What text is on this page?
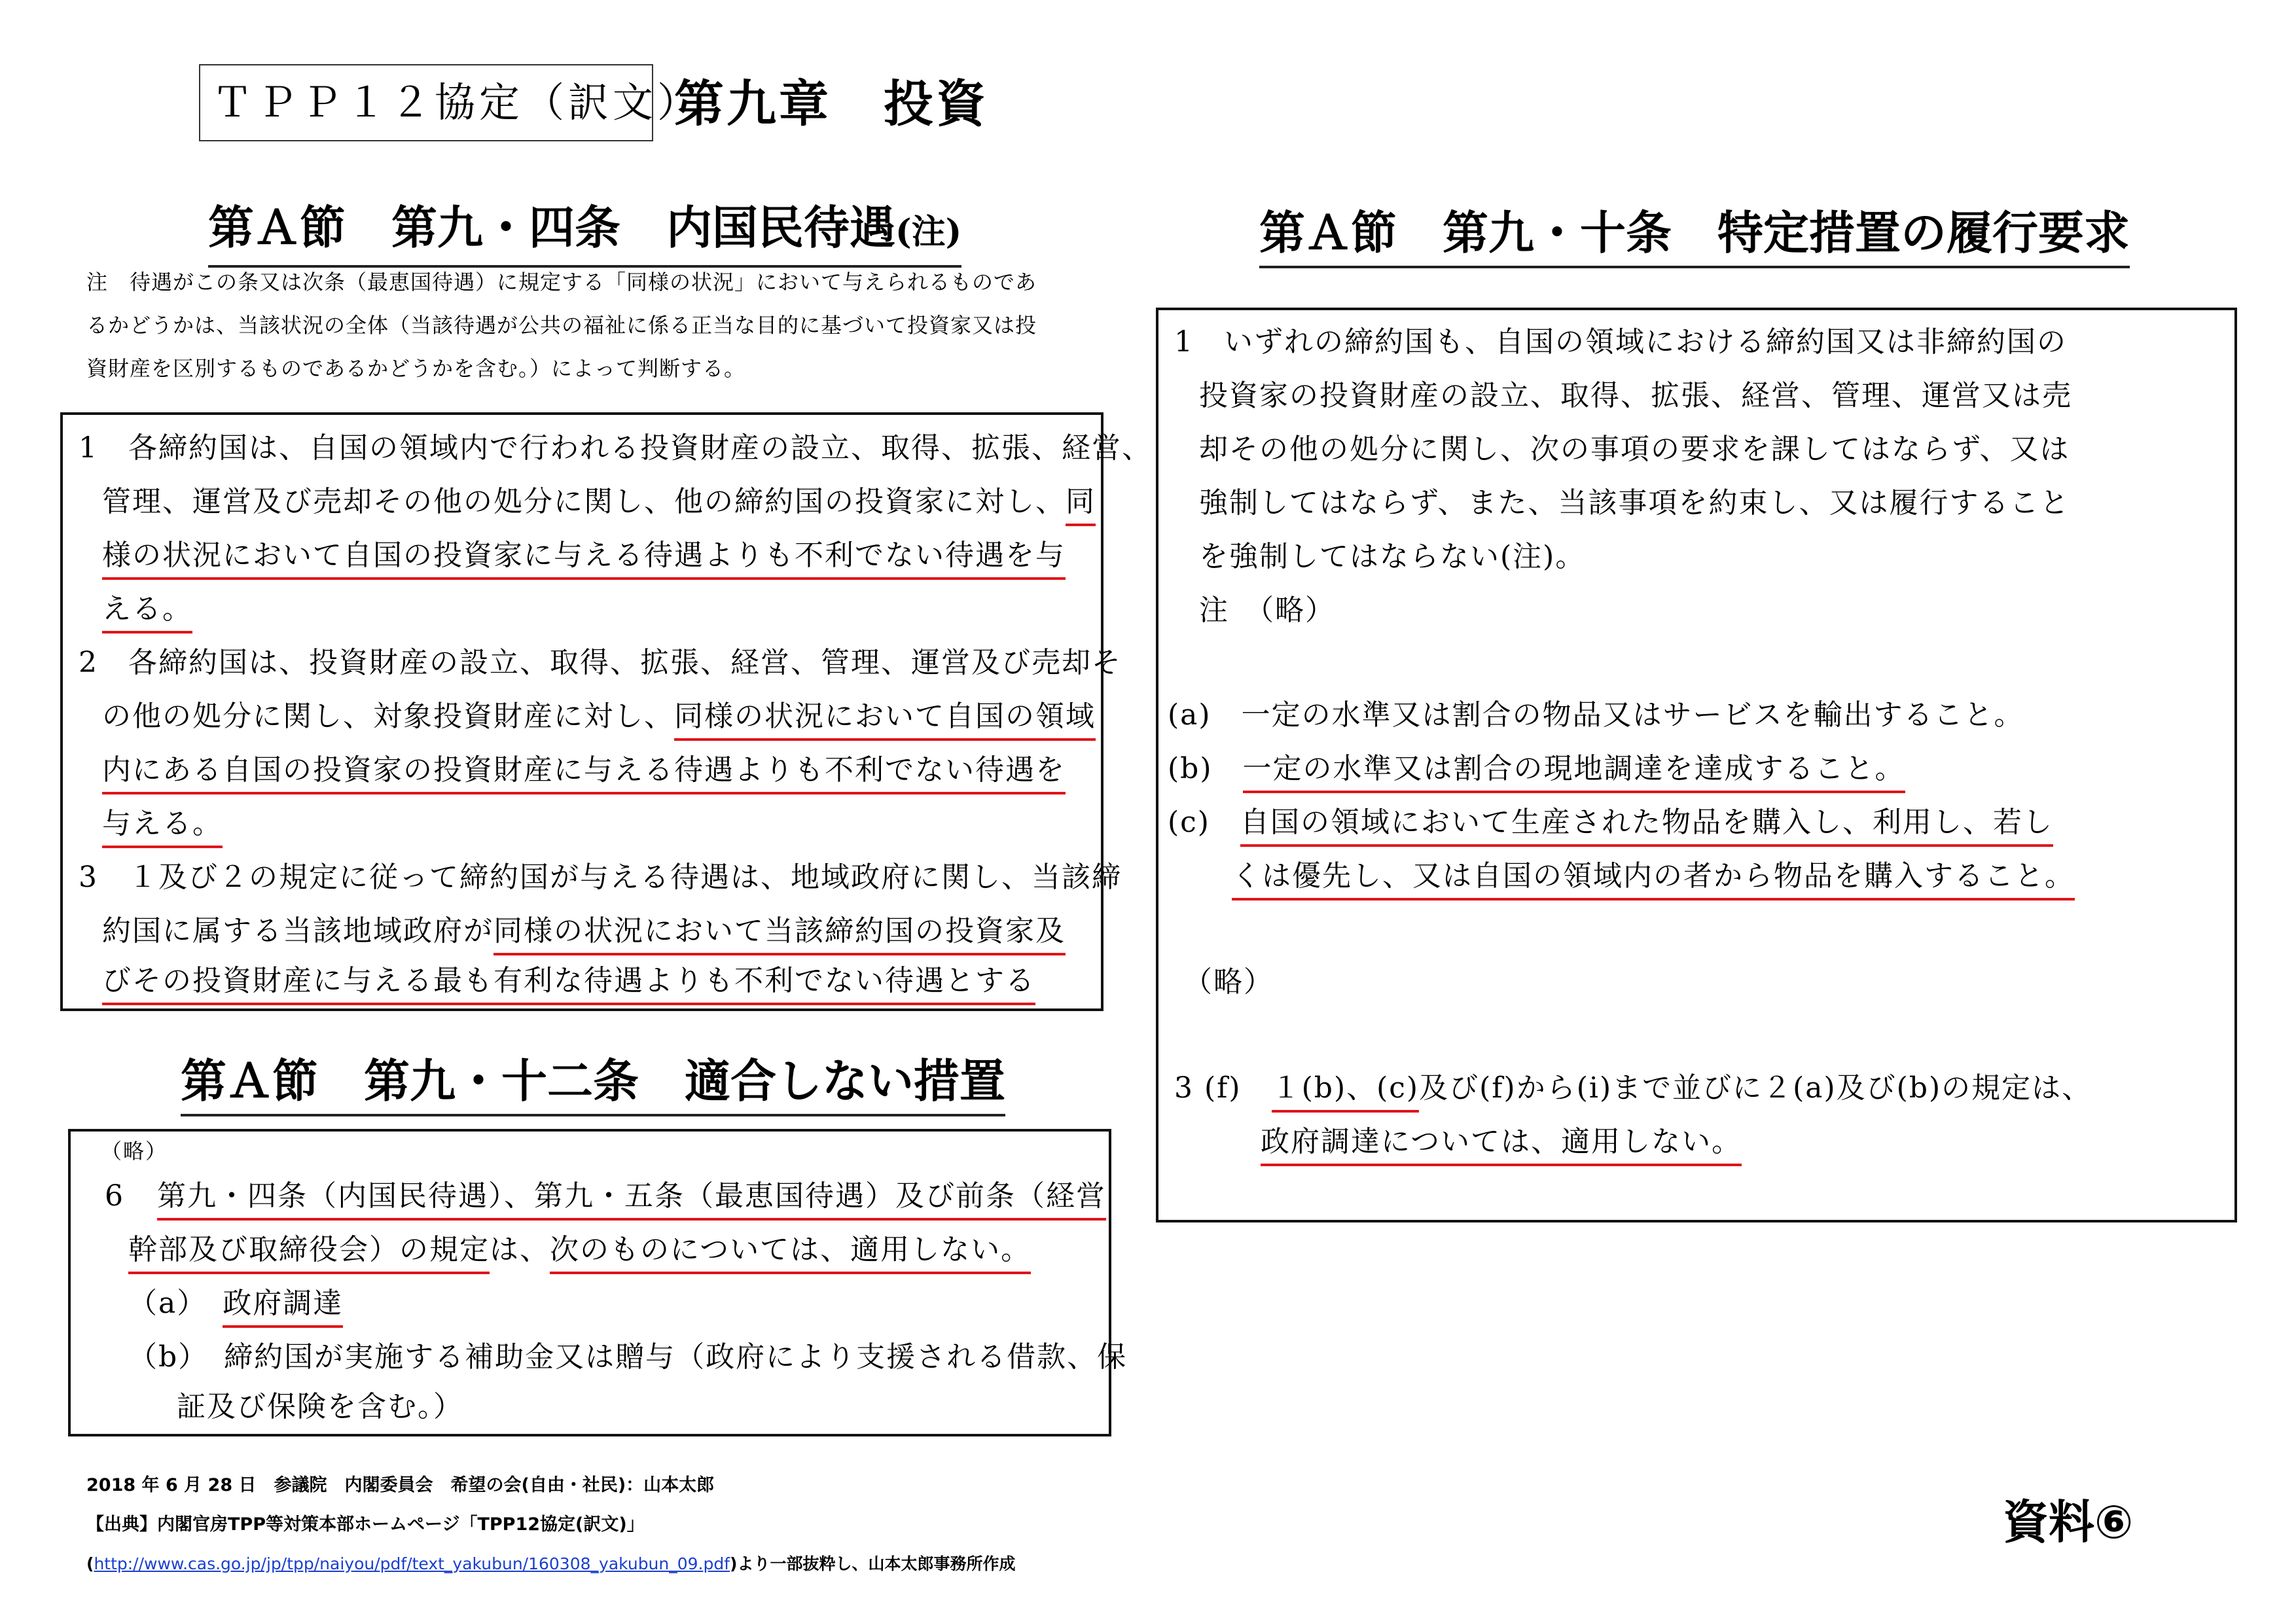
ＴＰＰ１２協定（訳文）
第九章　投資
第Ａ節　第九・四条　内国民待遇(注)
注　待遇がこの条又は次条（最恵国待遇）に規定する「同様の状況」において与えられるものであ
るかどうかは、当該状況の全体（当該待遇が公共の福祉に係る正当な目的に基づいて投資家又は投
資財産を区別するものであるかどうかを含む。）によって判断する。
1　各締約国は、自国の領域内で行われる投資財産の設立、取得、拡張、経営、
管理、運営及び売却その他の処分に関し、他の締約国の投資家に対し、同
様の状況において自国の投資家に与える待遇よりも不利でない待遇を与
える。
2　各締約国は、投資財産の設立、取得、拡張、経営、管理、運営及び売却そ
の他の処分に関し、対象投資財産に対し、同様の状況において自国の領域
内にある自国の投資家の投資財産に与える待遇よりも不利でない待遇を
与える。
3　１及び２の規定に従って締約国が与える待遇は、地域政府に関し、当該締
約国に属する当該地域政府が同様の状況において当該締約国の投資家及
びその投資財産に与える最も有利な待遇よりも不利でない待遇とする
第Ａ節　第九・十二条　適合しない措置
（略）
6 第九・四条（内国民待遇）、第九・五条（最恵国待遇）及び前条（経営
幹部及び取締役会）の規定は、次のものについては、適用しない。
（a）　 政府調達
（b）　 締約国が実施する補助金又は贈与（政府により支援される借款、保
証及び保険を含む。）
第Ａ節　第九・十条　特定措置の履行要求
1　いずれの締約国も、自国の領域における締約国又は非締約国の
投資家の投資財産の設立、取得、拡張、経営、管理、運営又は売
却その他の処分に関し、次の事項の要求を課してはならず、又は
強制してはならず、また、当該事項を約束し、又は履行すること
を強制してはならない(注)。
注　（略）
(a)　一定の水準又は割合の物品又はサービスを輸出すること。
(b)　一定の水準又は割合の現地調達を達成すること。
(c)　自国の領域において生産された物品を購入し、利用し、若し
くは優先し、又は自国の領域内の者から物品を購入すること。
（略）
3 (f)　１(b)、(c)及び(f)から(i)まで並びに２(a)及び(b)の規定は、
政府調達については、適用しない。
2018 年 6 月 28 日　参議院　内閣委員会　希望の会(自由・社民)：山本太郎
【出典】内閣官房TPP等対策本部ホームページ「TPP12協定(訳文)」
(http://www.cas.go.jp/jp/tpp/naiyou/pdf/text_yakubun/160308_yakubun_09.pdf)より一部抜粋し、山本太郎事務所作成
資料⑥
